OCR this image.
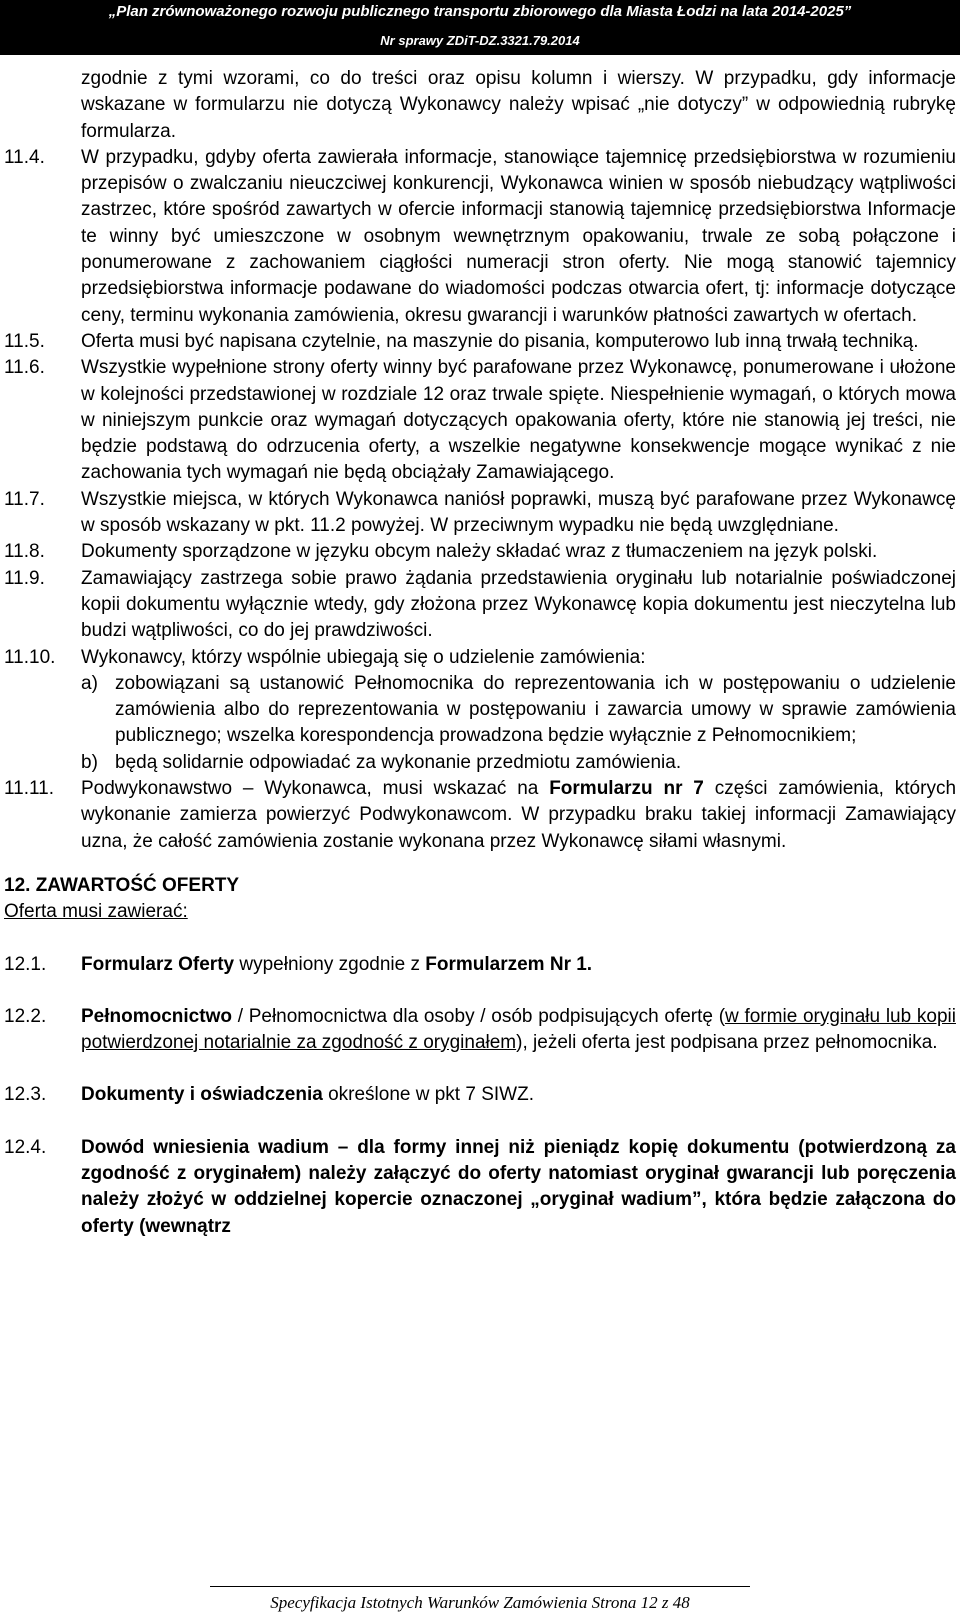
„Plan zrównoważonego rozwoju publicznego transportu zbiorowego dla Miasta Łodzi na lata 2014-2025”
Nr sprawy ZDiT-DZ.3321.79.2014
zgodnie z tymi wzorami, co do treści oraz opisu kolumn i wierszy. W przypadku, gdy informacje wskazane w formularzu nie dotyczą Wykonawcy należy wpisać „nie dotyczy” w odpowiednią rubrykę formularza.
11.4.	W przypadku, gdyby oferta zawierała informacje, stanowiące tajemnicę przedsiębiorstwa w rozumieniu przepisów o zwalczaniu nieuczciwej konkurencji, Wykonawca winien w sposób niebudzący wątpliwości zastrzec, które spośród zawartych w ofercie informacji stanowią tajemnicę przedsiębiorstwa Informacje te winny być umieszczone w osobnym wewnętrznym opakowaniu, trwale ze sobą połączone i ponumerowane z zachowaniem ciągłości numeracji stron oferty. Nie mogą stanowić tajemnicy przedsiębiorstwa informacje podawane do wiadomości podczas otwarcia ofert, tj: informacje dotyczące ceny, terminu wykonania zamówienia, okresu gwarancji i warunków płatności zawartych w ofertach.
11.5.	Oferta musi być napisana czytelnie, na maszynie do pisania, komputerowo lub inną trwałą techniką.
11.6.	Wszystkie wypełnione strony oferty winny być parafowane przez Wykonawcę, ponumerowane i ułożone w kolejności przedstawionej w rozdziale 12 oraz trwale spięte. Niespełnienie wymagań, o których mowa w niniejszym punkcie oraz wymagań dotyczących opakowania oferty, które nie stanowią jej treści, nie będzie podstawą do odrzucenia oferty, a wszelkie negatywne konsekwencje mogące wynikać z nie zachowania tych wymagań nie będą obciążały Zamawiającego.
11.7.	Wszystkie miejsca, w których Wykonawca naniósł poprawki, muszą być parafowane przez Wykonawcę w sposób wskazany w pkt. 11.2 powyżej. W przeciwnym wypadku nie będą uwzględniane.
11.8.	Dokumenty sporządzone w języku obcym należy składać wraz z tłumaczeniem na język polski.
11.9.	Zamawiający zastrzega sobie prawo żądania przedstawienia oryginału lub notarialnie poświadczonej kopii dokumentu wyłącznie wtedy, gdy złożona przez Wykonawcę kopia dokumentu jest nieczytelna lub budzi wątpliwości, co do jej prawdziwości.
11.10.	Wykonawcy, którzy wspólnie ubiegają się o udzielenie zamówienia:
a) zobowiązani są ustanowić Pełnomocnika do reprezentowania ich w postępowaniu o udzielenie zamówienia albo do reprezentowania w postępowaniu i zawarcia umowy w sprawie zamówienia publicznego; wszelka korespondencja prowadzona będzie wyłącznie z Pełnomocnikiem;
b) będą solidarnie odpowiadać za wykonanie przedmiotu zamówienia.
11.11.	Podwykonawstwo – Wykonawca, musi wskazać na Formularzu nr 7 części zamówienia, których wykonanie zamierza powierzyć Podwykonawcom. W przypadku braku takiej informacji Zamawiający uzna, że całość zamówienia zostanie wykonana przez Wykonawcę siłami własnymi.
12. ZAWARTOŚĆ OFERTY
Oferta musi zawierać:
12.1.	Formularz Oferty wypełniony zgodnie z Formularzem Nr 1.
12.2.	Pełnomocnictwo / Pełnomocnictwa dla osoby / osób podpisujących ofertę (w formie oryginału lub kopii potwierdzonej notarialnie za zgodność z oryginałem), jeżeli oferta jest podpisana przez pełnomocnika.
12.3.	Dokumenty i oświadczenia określone w pkt 7 SIWZ.
12.4.	Dowód wniesienia wadium – dla formy innej niż pieniądz kopię dokumentu (potwierdzoną za zgodność z oryginałem) należy załączyć do oferty natomiast oryginał gwarancji lub poręczenia należy złożyć w oddzielnej kopercie oznaczonej „oryginał wadium”, która będzie załączona do oferty (wewnątrz
Specyfikacja Istotnych Warunków Zamówienia Strona 12 z 48
